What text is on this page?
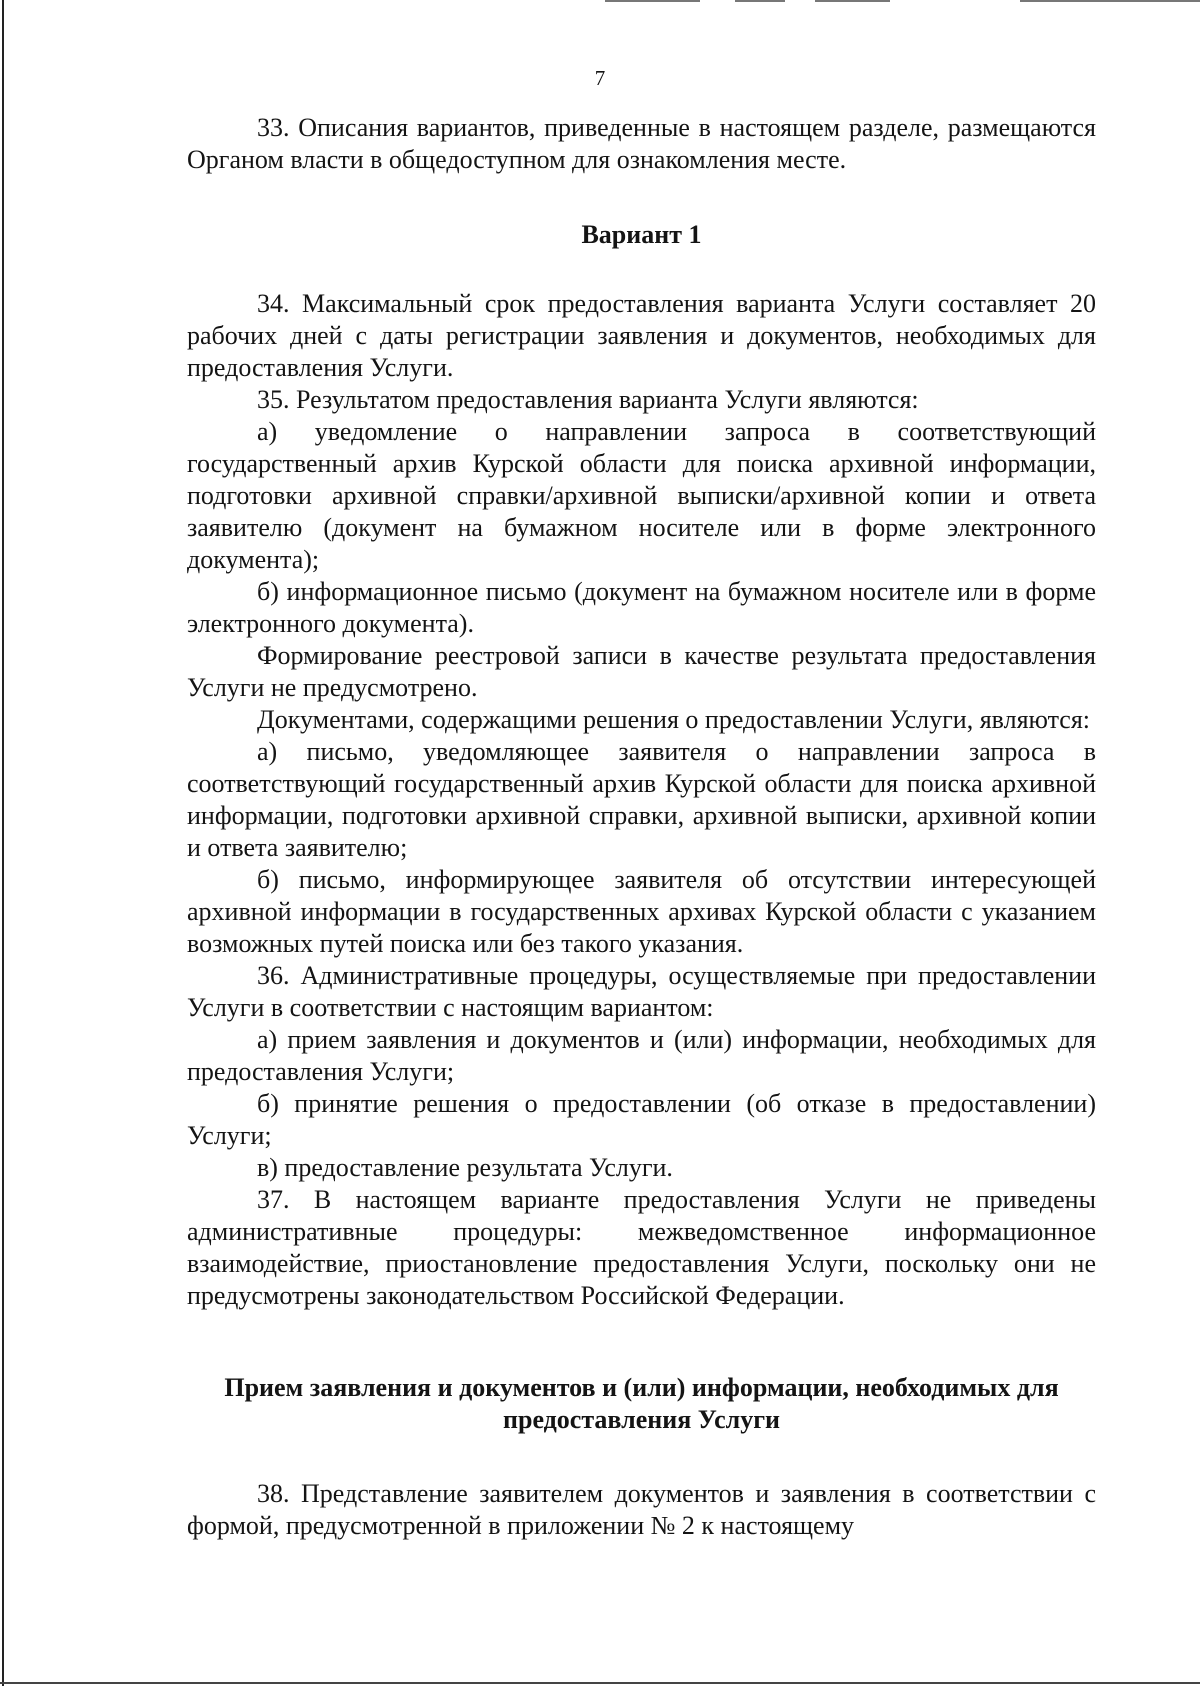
7

33. Описания вариантов, приведенные в настоящем разделе, размещаются Органом власти в общедоступном для ознакомления месте.

Вариант 1

34. Максимальный срок предоставления варианта Услуги составляет 20 рабочих дней с даты регистрации заявления и документов, необходимых для предоставления Услуги.

35. Результатом предоставления варианта Услуги являются:

а) уведомление о направлении запроса в соответствующий государственный архив Курской области для поиска архивной информации, подготовки архивной справки/архивной выписки/архивной копии и ответа заявителю (документ на бумажном носителе или в форме электронного документа);

б) информационное письмо (документ на бумажном носителе или в форме электронного документа).

Формирование реестровой записи в качестве результата предоставления Услуги не предусмотрено.

Документами, содержащими решения о предоставлении Услуги, являются:

а) письмо, уведомляющее заявителя о направлении запроса в соответствующий государственный архив Курской области для поиска архивной информации, подготовки архивной справки, архивной выписки, архивной копии и ответа заявителю;

б) письмо, информирующее заявителя об отсутствии интересующей архивной информации в государственных архивах Курской области с указанием возможных путей поиска или без такого указания.

36. Административные процедуры, осуществляемые при предоставлении Услуги в соответствии с настоящим вариантом:

а) прием заявления и документов и (или) информации, необходимых для предоставления Услуги;

б) принятие решения о предоставлении (об отказе в предоставлении) Услуги;

в) предоставление результата Услуги.

37. В настоящем варианте предоставления Услуги не приведены административные процедуры: межведомственное информационное взаимодействие, приостановление предоставления Услуги, поскольку они не предусмотрены законодательством Российской Федерации.

Прием заявления и документов и (или) информации, необходимых для предоставления Услуги

38. Представление заявителем документов и заявления в соответствии с формой, предусмотренной в приложении № 2 к настоящему
